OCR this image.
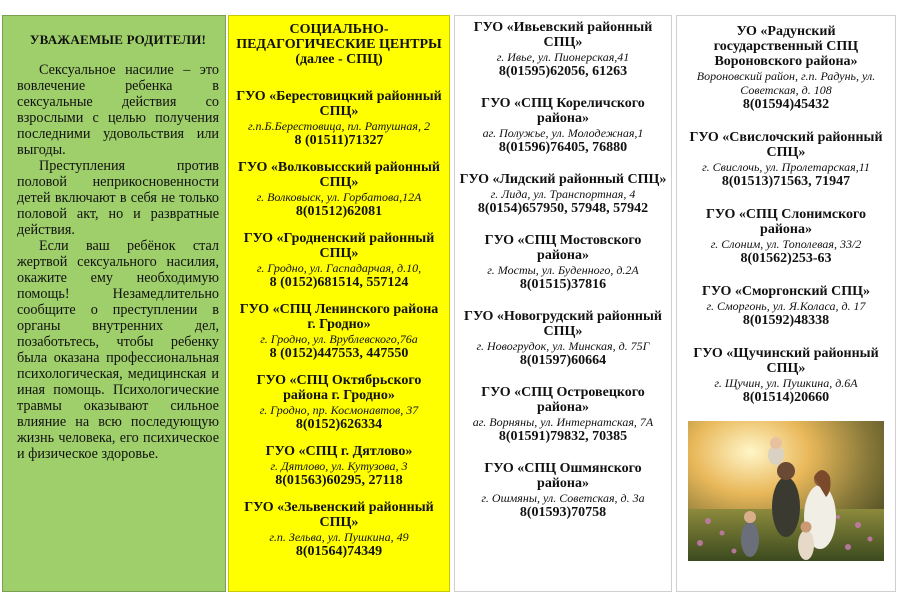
УВАЖАЕМЫЕ РОДИТЕЛИ!

Сексуальное насилие – это вовлечение ребенка в сексуальные действия со взрослыми с целью получения последними удовольствия или выгоды.

Преступления против половой неприкосновенности детей включают в себя не только половой акт, но и развратные действия.

Если ваш ребёнок стал жертвой сексуального насилия, окажите ему необходимую помощь! Незамедлительно сообщите о преступлении в органы внутренних дел, позаботьтесь, чтобы ребенку была оказана профессиональная психологическая, медицинская и иная помощь. Психологические травмы оказывают сильное влияние на всю последующую жизнь человека, его психическое и физическое здоровье.

СОЦИАЛЬНО-ПЕДАГОГИЧЕСКИЕ ЦЕНТРЫ (далее - СПЦ)
ГУО «Берестовицкий районный СПЦ»
г.п.Б.Берестовица, пл. Ратушная, 2
8 (01511)71327
ГУО «Волковысский районный СПЦ»
г. Волковыск, ул. Горбатова,12А
8(01512)62081
ГУО «Гродненский районный СПЦ»
г. Гродно, ул. Гаспадарчая, д.10,
8 (0152)681514, 557124
ГУО «СПЦ Ленинского района г. Гродно»
г. Гродно, ул. Врублевского,76а
8 (0152)447553, 447550
ГУО «СПЦ Октябрьского района г. Гродно»
г. Гродно, пр. Космонавтов, 37
8(0152)626334
ГУО «СПЦ г. Дятлово»
г. Дятлово, ул. Кутузова, 3
8(01563)60295, 27118
ГУО «Зельвенский районный СПЦ»
г.п. Зельва, ул. Пушкина, 49
8(01564)74349
ГУО «Ивьевский районный СПЦ»
г. Ивье, ул. Пионерская,41
8(01595)62056, 61263
ГУО «СПЦ Кореличского района»
аг. Полужье, ул. Молодежная,1
8(01596)76405, 76880
ГУО «Лидский районный СПЦ»
г. Лида, ул. Транспортная, 4
8(0154)657950, 57948, 57942
ГУО «СПЦ Мостовского района»
г. Мосты, ул. Буденного, д.2А
8(01515)37816
ГУО «Новогрудский районный СПЦ»
г. Новогрудок, ул. Минская, д. 75Г
8(01597)60664
ГУО «СПЦ Островецкого района»
аг. Ворняны, ул. Интернатская, 7А
8(01591)79832, 70385
ГУО «СПЦ Ошмянского района»
г. Ошмяны, ул. Советская, д. 3а
8(01593)70758
УО «Радунский государственный СПЦ Вороновского района»
Вороновский район, г.п. Радунь, ул. Советская, д. 108
8(01594)45432
ГУО «Свислочский районный СПЦ»
г. Свислочь, ул. Пролетарская,11
8(01513)71563, 71947
ГУО «СПЦ Слонимского района»
г. Слоним, ул. Тополевая, 33/2
8(01562)253-63
ГУО «Сморгонский СПЦ»
г. Сморгонь, ул. Я.Коласа, д. 17
8(01592)48338
ГУО «Щучинский районный СПЦ»
г. Щучин, ул. Пушкина, д.6А
8(01514)20660
